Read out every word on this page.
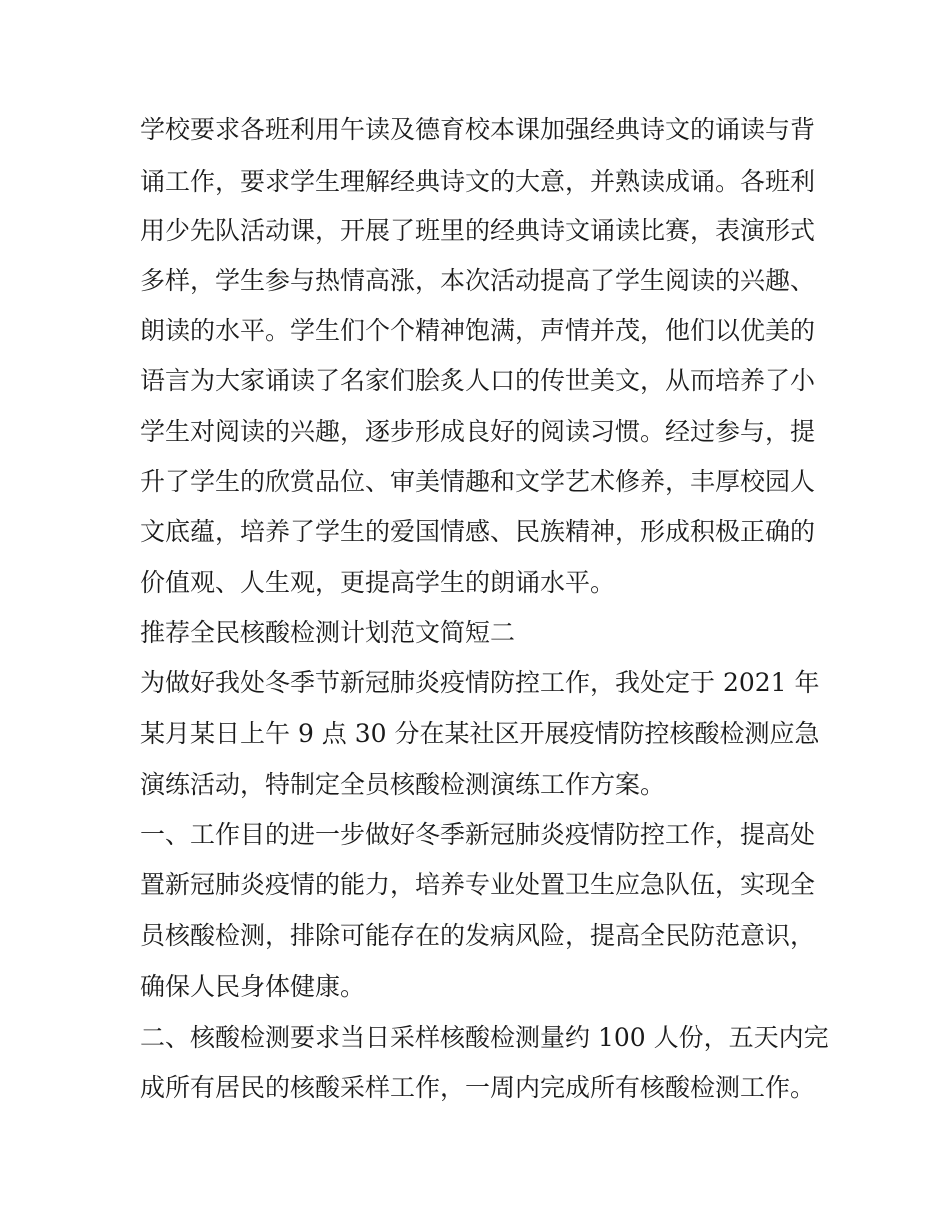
学校要求各班利用午读及德育校本课加强经典诗文的诵读与背

诵工作，要求学生理解经典诗文的大意，并熟读成诵。各班利

用少先队活动课，开展了班里的经典诗文诵读比赛，表演形式

多样，学生参与热情高涨，本次活动提高了学生阅读的兴趣、

朗读的水平。学生们个个精神饱满，声情并茂，他们以优美的

语言为大家诵读了名家们脍炙人口的传世美文，从而培养了小

学生对阅读的兴趣，逐步形成良好的阅读习惯。经过参与，提

升了学生的欣赏品位、审美情趣和文学艺术修养，丰厚校园人

文底蕴，培养了学生的爱国情感、民族精神，形成积极正确的

价值观、人生观，更提高学生的朗诵水平。

推荐全民核酸检测计划范文简短二

为做好我处冬季节新冠肺炎疫情防控工作，我处定于 2021 年

某月某日上午 9 点 30 分在某社区开展疫情防控核酸检测应急

演练活动，特制定全员核酸检测演练工作方案。

一、工作目的进一步做好冬季新冠肺炎疫情防控工作，提高处

置新冠肺炎疫情的能力，培养专业处置卫生应急队伍，实现全

员核酸检测，排除可能存在的发病风险，提高全民防范意识，

确保人民身体健康。

二、核酸检测要求当日采样核酸检测量约 100 人份，五天内完

成所有居民的核酸采样工作，一周内完成所有核酸检测工作。
